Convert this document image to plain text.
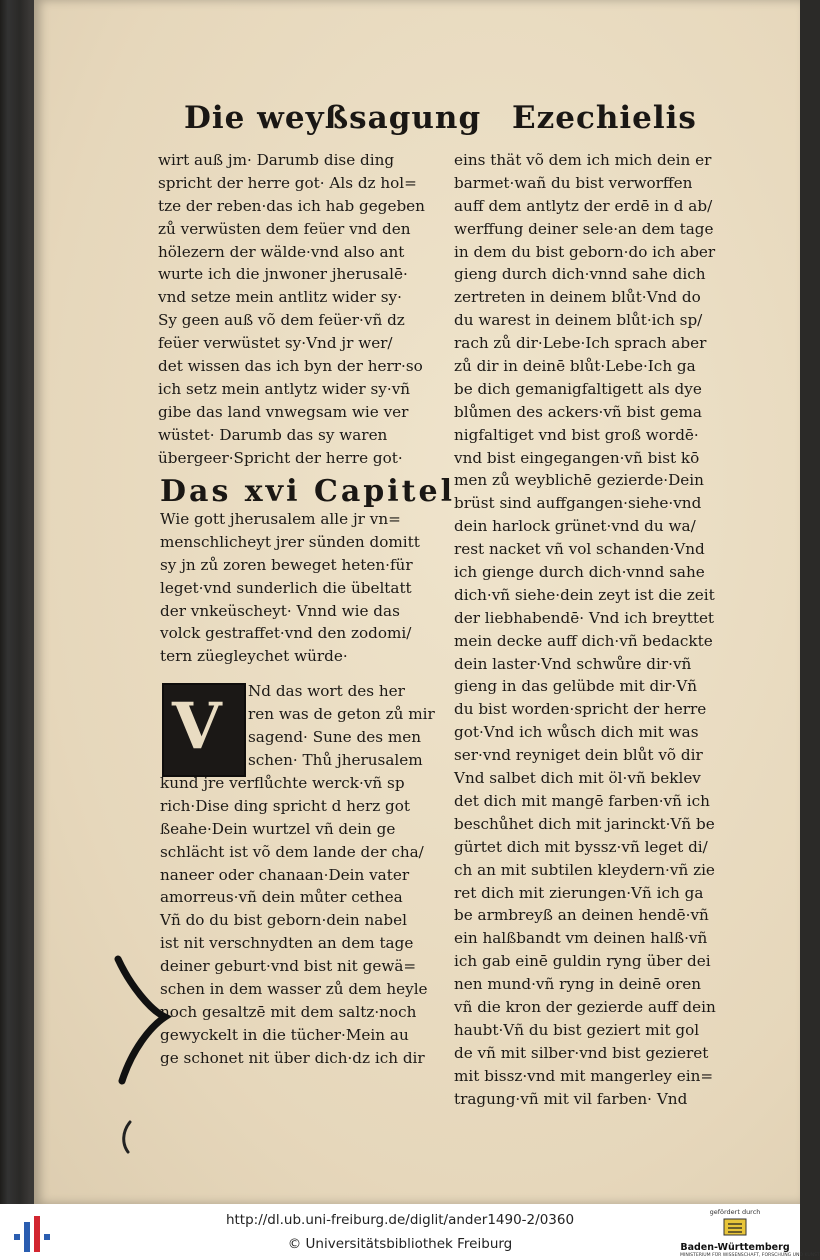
Die weyßsagung Ezechielis
wirt auß jm· Darumb dise ding
spricht der herre got· Als dz hol=
tze der reben·das ich hab gegeben
zů verwüsten dem feüer vnd den
hölezern der wälde·vnd also ant
wurte ich die jnwoner jherusalē·
vnd setze mein antlitz wider sy·
Sy geen auß võ dem feüer·vñ dz
feüer verwüstet sy·Vnd jr wer/
det wissen das ich byn der herr·so
ich setz mein antlytz wider sy·vñ
gibe das land vnwegsam wie ver
wüstet· Darumb das sy waren
übergeer·Spricht der herre got·
Das xvi Capitel
Wie gott jherusalem alle jr vn=
menschlicheyt jrer sünden domitt
sy jn zů zoren beweget heten·für
leget·vnd sunderlich die übeltatt
der vnkeüscheyt· Vnnd wie das
volck gestraffet·vnd den zodomi/
tern züegleychet würde·
V Nd das wort des her
ren was de geton zů mir
sagend· Sune des men
schen· Thů jherusalem
kund jre verflůchte werck·vñ sp
rich·Dise ding spricht d herz got
ßeahe·Dein wurtzel vñ dein ge
schlächt ist võ dem lande der cha/
naneer oder chanaan·Dein vater
amorreus·vñ dein můter cethea
Vñ do du bist geborn·dein nabel
ist nit verschnydten an dem tage
deiner geburt·vnd bist nit gewä=
schen in dem wasser zů dem heyle
noch gesaltzē mit dem saltz·noch
gewyckelt in die tücher·Mein au
ge schonet nit über dich·dz ich dir
eins thät võ dem ich mich dein er
barmet·wañ du bist verworffen
auff dem antlytz der erdē in d ab/
werffung deiner sele·an dem tage
in dem du bist geborn·do ich aber
gieng durch dich·vnnd sahe dich
zertreten in deinem blůt·Vnd do
du warest in deinem blůt·ich sp/
rach zů dir·Lebe·Ich sprach aber
zů dir in deinē blůt·Lebe·Ich ga
be dich gemanigfaltigett als dye
blůmen des ackers·vñ bist gema
nigfaltiget vnd bist groß wordē·
vnd bist eingegangen·vñ bist kō
men zů weyblichē gezierde·Dein
brüst sind auffgangen·siehe·vnd
dein harlock grünet·vnd du wa/
rest nacket vñ vol schanden·Vnd
ich gienge durch dich·vnnd sahe
dich·vñ siehe·dein zeyt ist die zeit
der liebhabendē· Vnd ich breyttet
mein decke auff dich·vñ bedackte
dein laster·Vnd schwůre dir·vñ
gieng in das gelübde mit dir·Vñ
du bist worden·spricht der herre
got·Vnd ich wůsch dich mit was
ser·vnd reyniget dein blůt võ dir
Vnd salbet dich mit öl·vñ beklev
det dich mit mangē farben·vñ ich
beschůhet dich mit jarinckt·Vñ be
gürtet dich mit byssz·vñ leget di/
ch an mit subtilen kleydern·vñ zie
ret dich mit zierungen·Vñ ich ga
be armbreyß an deinen hendē·vñ
ein halßbandt vm deinen halß·vñ
ich gab einē guldin ryng über dei
nen mund·vñ ryng in deinē oren
vñ die kron der gezierde auff dein
haubt·Vñ du bist geziert mit gol
de vñ mit silber·vnd bist gezieret
mit bissz·vnd mit mangerley ein=
tragung·vñ mit vil farben· Vnd
http://dl.ub.uni-freiburg.de/diglit/ander1490-2/0360
© Universitätsbibliothek Freiburg
gefördert durch
Baden-Württemberg
MINISTERIUM FÜR WISSENSCHAFT, FORSCHUNG UND KUNST
